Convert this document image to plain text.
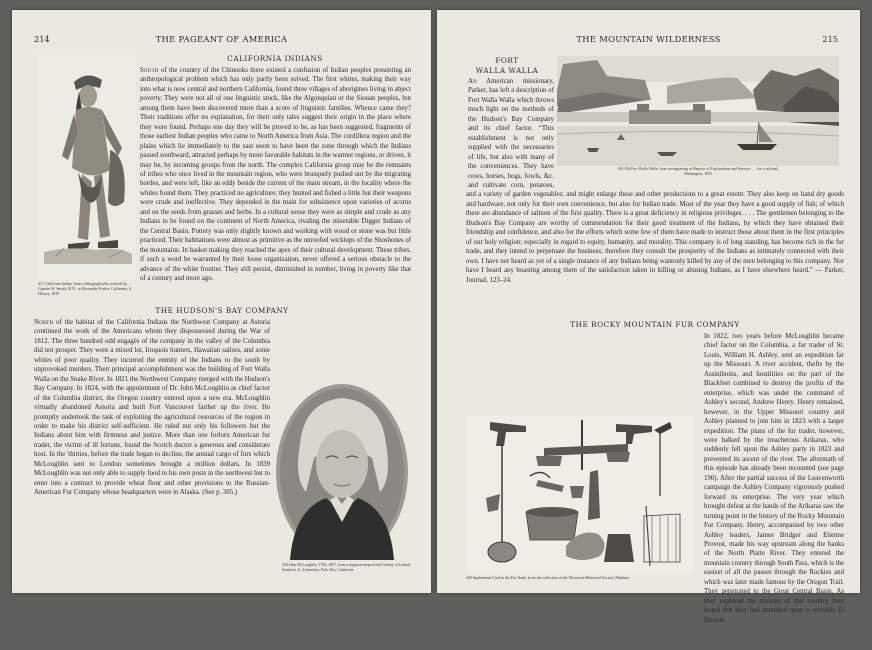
214	THE PAGEANT OF AMERICA

417 California Indian, from a lithograph after a sketch by Captain W. Smyth, R.N., in Alexander Forbes, California, A History, 1839

CALIFORNIA INDIANS

South of the country of the Chinooks there existed a confusion of Indian peoples presenting an anthropological problem which has only partly been solved. The first whites, making their way into what is now central and northern California, found three villages of aborigines living in abject poverty. They were not all of one linguistic stock, like the Algonquian or the Siouan peoples, but among them have been discovered more than a score of linguistic families. Whence came they? Their traditions offer no explanation, for their only tales suggest their origin in the place where they were found. Perhaps one day they will be proved to be, as has been suggested, fragments of those earliest Indian peoples who came to North America from Asia. The cordillera region and the plains which lie immediately to the east seem to have been the zone through which the Indians passed southward, attracted perhaps by more favorable habitats in the warmer regions, or driven, it may be, by incoming groups from the north. The complex California group may be the remnants of tribes who once lived in the mountain region, who were brusquely pushed out by the migrating hordes, and were left, like an eddy beside the current of the main stream, in the locality where the whites found them. They practiced no agriculture; they hunted and fished a little but their weapons were crude and ineffective. They depended in the main for subsistence upon varieties of acorns and on the seeds from grasses and herbs. In a cultural sense they were as simple and crude as any Indians to be found on the continent of North America, rivaling the miserable Digger Indians of the Central Basin. Pottery was only slightly known and working with wood or stone was but little practiced. Their habitations were almost as primitive as the unroofed wickiups of the Shoshones of the mountains. In basket making they reached the apex of their cultural development. These tribes, if such a word be warranted by their loose organization, never offered a serious obstacle to the advance of the white frontier. They still persist, diminished in number, living in poverty like that of a century and more ago.

THE HUDSON'S BAY COMPANY

North of the habitat of the California Indians the Northwest Company at Astoria continued the work of the Americans whom they dispossessed during the War of 1812. The three hundred odd engagés of the company in the valley of the Columbia did not prosper. They were a mixed lot, Iroquois hunters, Hawaiian sailors, and some whites of poor quality. They incurred the enmity of the Indians to the south by unprovoked murders. Their principal accomplishment was the building of Fort Walla Walla on the Snake River. In 1821 the Northwest Company merged with the Hudson's Bay Company. In 1824, with the appointment of Dr. John McLoughlin as chief factor of the Columbia district, the Oregon country entered upon a new era. McLoughlin virtually abandoned Astoria and built Fort Vancouver farther up the river. He promptly undertook the task of exploiting the agricultural resources of the region in order to make his district self-sufficient. He ruled not only his followers but the Indians about him with firmness and justice. More than one forlorn American fur trader, the victim of ill fortune, found the Scotch doctor a generous and considerate host. In the 'thirties, before the trade began to decline, the annual cargo of furs which McLoughlin sent to London sometimes brought a million dollars. In 1839 McLoughlin was not only able to supply food to his own posts in the northwest but to enter into a contract to provide wheat flour and other provisions to the Russian-American Fur Company whose headquarters were in Alaska. (See p. 305.)

418 John McLoughlin, 1784–1857, from a daguerreotype in the Library of Leland Stanford, Jr., University, Palo Alto, California

THE MOUNTAIN WILDERNESS	215
FORT
WALLA WALLA

419 Old Fort Walla Walla, from an engraving in Reports of Explorations and Surveys . . . for a railroad,
Washington, 1855

An American missionary, Parker, has left a description of Fort Walla Walla which throws much light on the methods of the Hudson's Bay Company and its chief factor. “This establishment is not only supplied with the necessaries of life, but also with many of the conveniences. They have cows, horses, hogs, fowls, &c. and cultivate corn, potatoes, and a variety of garden vegetables; and might enlarge these and other productions to a great extent. They also keep on hand dry goods and hardware, not only for their own convenience, but also for Indian trade. Most of the year they have a good supply of fish; of which there are abundance of salmon of the first quality. There is a great deficiency in religious privileges. . . . The gentlemen belonging to the Hudson's Bay Company are worthy of commendation for their good treatment of the Indians, by which they have obtained their friendship and confidence, and also for the efforts which some few of them have made to instruct those about them in the first principles of our holy religion; especially in regard to equity, humanity, and morality. This company is of long standing, has become rich in the fur trade, and they intend to perpetuate the business; therefore they consult the prosperity of the Indians as intimately connected with their own. I have not heard as yet of a single instance of any Indians being wantonly killed by any of the men belonging to this company. Nor have I heard any boasting among them of the satisfaction taken in killing or abusing Indians, as I have elsewhere heard.” — Parker, Journal, 123–24.

THE ROCKY MOUNTAIN FUR COMPANY

In 1822, two years before McLoughlin became chief factor on the Columbia, a fur trader of St. Louis, William H. Ashley, sent an expedition far up the Missouri. A river accident, thefts by the Assiniboins, and hostilities on the part of the Blackfeet combined to destroy the profits of the enterprise, which was under the command of Ashley's second, Andrew Henry. Henry remained, however, in the Upper Missouri country and Ashley planned to join him in 1823 with a larger expedition. The plans of the fur trader, however, were balked by the treacherous Arikaras, who suddenly fell upon the Ashley party in 1823 and prevented its ascent of the river. The aftermath of this episode has already been recounted (see page 190). After the partial success of the Leavenworth campaign the Ashley Company vigorously pushed forward its enterprise. The very year which brought defeat at the hands of the Arikaras saw the turning point in the history of the Rocky Mountain Fur Company. Henry, accompanied by two other Ashley leaders, James Bridger and Etienne Provost, made his way upstream along the banks of the North Platte River. They entered the mountain country through South Pass, which is the easiest of all the passes through the Rockies and which was later made famous by the Oregon Trail. They penetrated to the Great Central Basin. As they explored the streams of this country they found that they had stumbled upon a veritable El Dorado.

420 Implements Used in the Fur Trade, from the collection of the Wisconsin Historical Society, Madison
